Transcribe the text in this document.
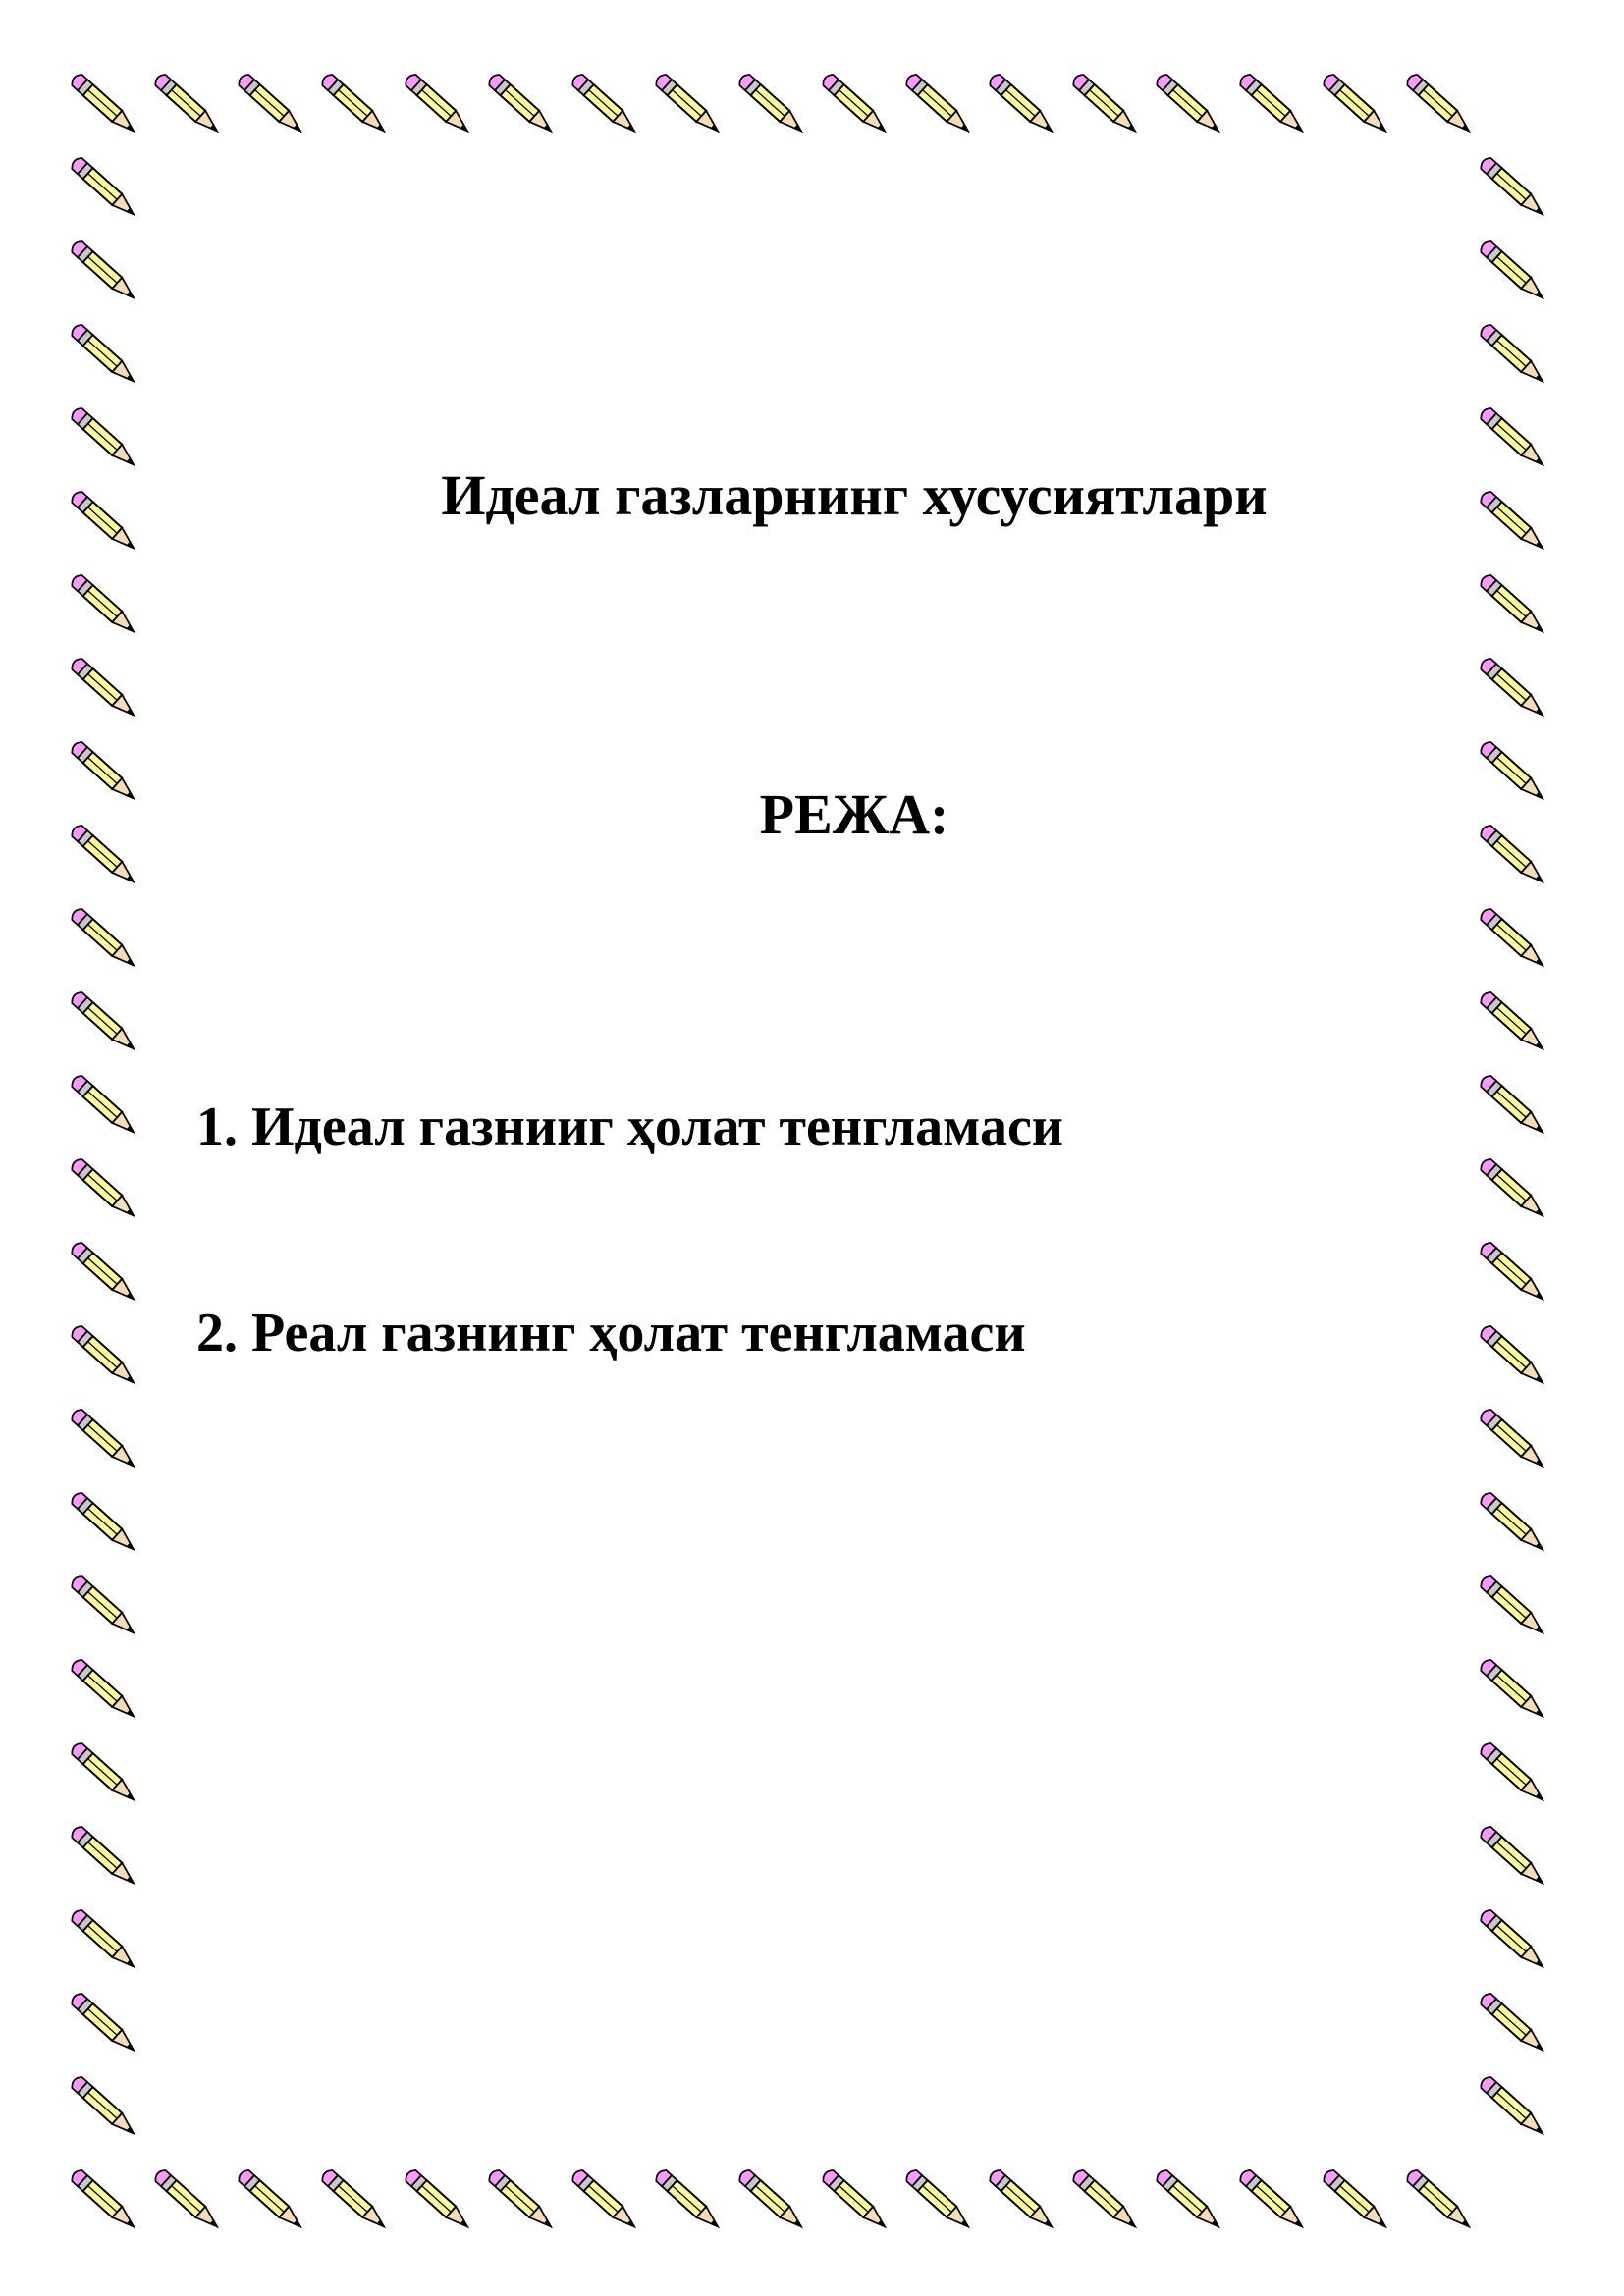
Идеал газларнинг хусусиятлари
РЕЖА:

1. Идеал газнииг ҳолат тенгламаси

2. Реал газнинг ҳолат тенгламаси
